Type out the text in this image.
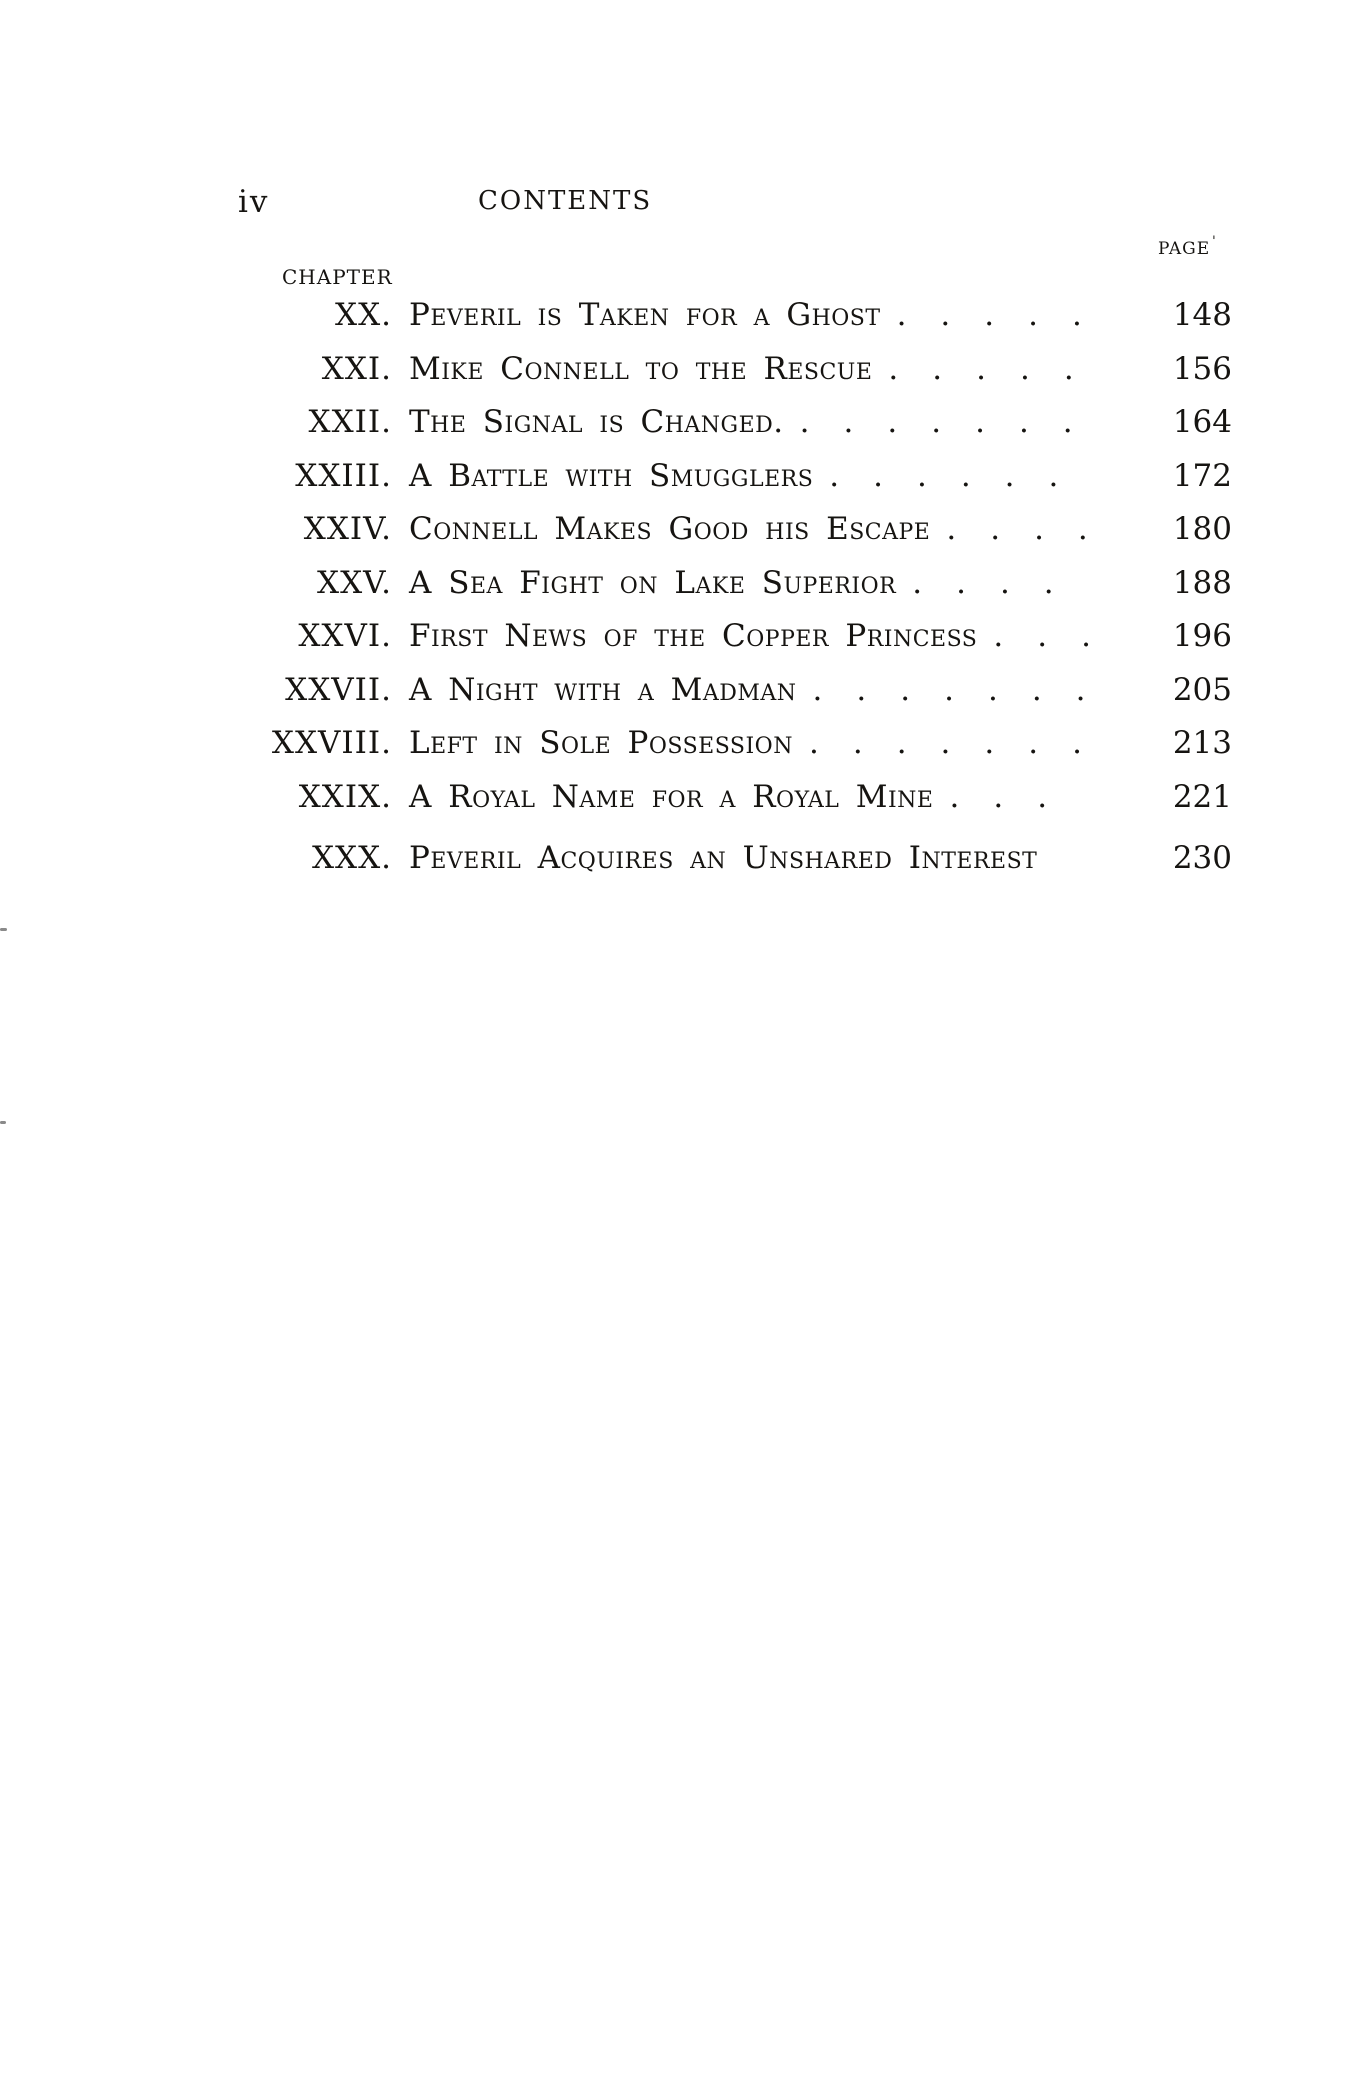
iv	CONTENTS
CHAPTER
PAGE '
XX. Peveril is Taken for a Ghost .....	148
XXI. Mike Connell to the Rescue .....	156
XXII. The Signal is Changed. .......	164
XXIII. A Battle with Smugglers ......	172
XXIV. Connell Makes Good his Escape ....	180
XXV. A Sea Fight on Lake Superior ....	188
XXVI. First News of the Copper Princess ...	196
XXVII. A Night with a Madman .......	205
XXVIII. Left in Sole Possession .......	213
XXIX. A Royal Name for a Royal Mine ...	221
XXX. Peveril Acquires an Unshared Interest	230
